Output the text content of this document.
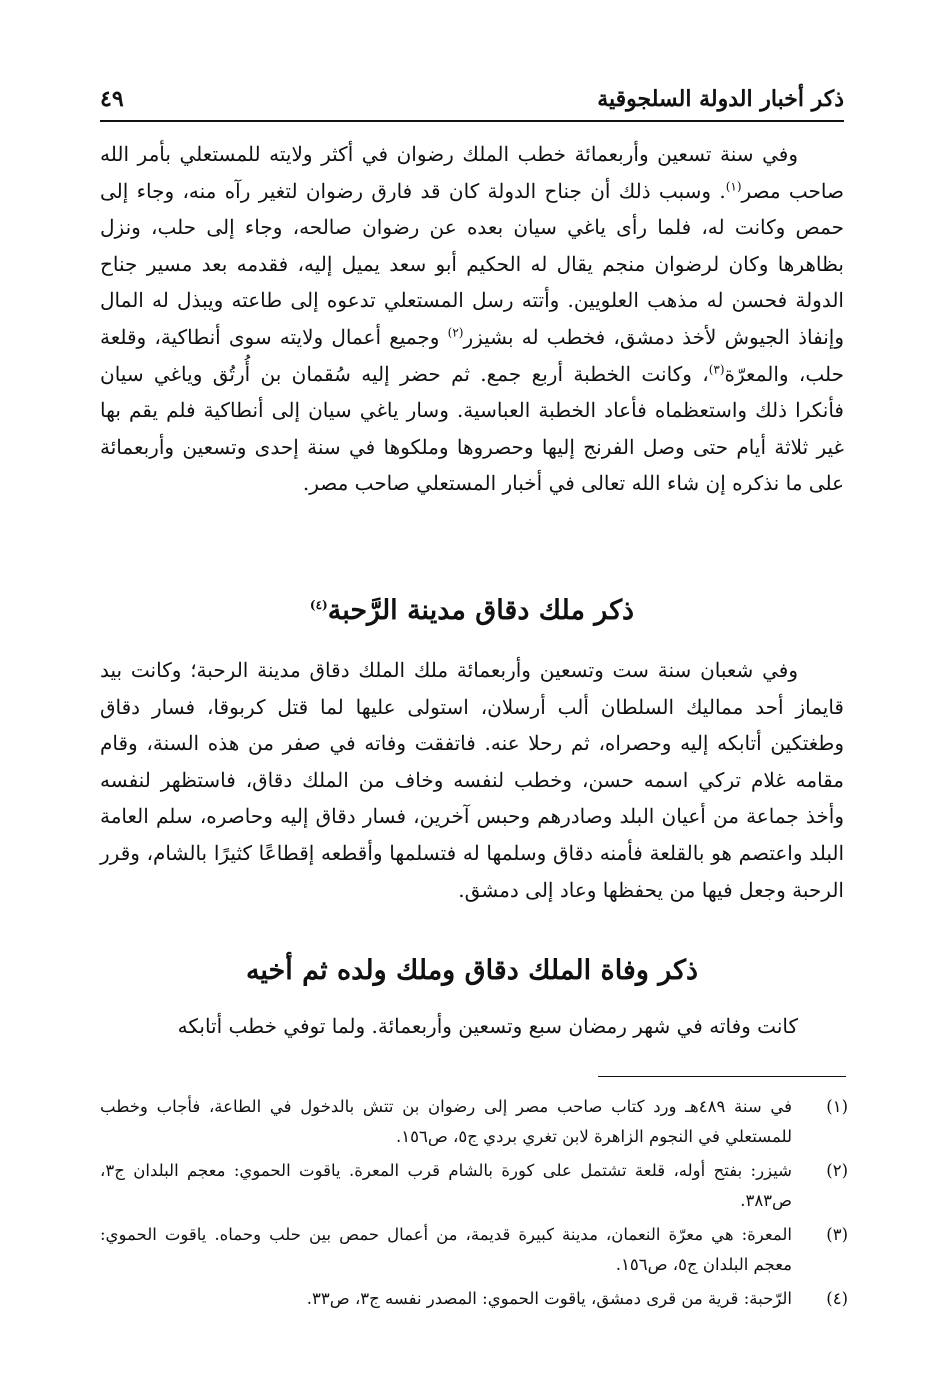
ذكر أخبار الدولة السلجوقية
٤٩

وفي سنة تسعين وأربعمائة خطب الملك رضوان في أكثر ولايته للمستعلي بأمر الله صاحب مصر$^{(١)}$. وسبب ذلك أن جناح الدولة كان قد فارق رضوان لتغير رآه منه، وجاء إلى حمص وكانت له، فلما رأى ياغي سيان بعده عن رضوان صالحه، وجاء إلى حلب، ونزل بظاهرها وكان لرضوان منجم يقال له الحكيم أبو سعد يميل إليه، فقدمه بعد مسير جناح الدولة فحسن له مذهب العلويين. وأتته رسل المستعلي تدعوه إلى طاعته ويبذل له المال وإنفاذ الجيوش لأخذ دمشق، فخطب له بشيزر$^{(٢)}$ وجميع أعمال ولايته سوى أنطاكية، وقلعة حلب، والمعرّة$^{(٣)}$، وكانت الخطبة أربع جمع. ثم حضر إليه سُقمان بن أُرتُق وياغي سيان فأنكرا ذلك واستعظماه فأعاد الخطبة العباسية. وسار ياغي سيان إلى أنطاكية فلم يقم بها غير ثلاثة أيام حتى وصل الفرنج إليها وحصروها وملكوها في سنة إحدى وتسعين وأربعمائة على ما نذكره إن شاء الله تعالى في أخبار المستعلي صاحب مصر.

ذكر ملك دقاق مدينة الرَّحبة$^{(٤)}$

وفي شعبان سنة ست وتسعين وأربعمائة ملك الملك دقاق مدينة الرحبة؛ وكانت بيد قايماز أحد مماليك السلطان ألب أرسلان، استولى عليها لما قتل كربوقا، فسار دقاق وطغتكين أتابكه إليه وحصراه، ثم رحلا عنه. فاتفقت وفاته في صفر من هذه السنة، وقام مقامه غلام تركي اسمه حسن، وخطب لنفسه وخاف من الملك دقاق، فاستظهر لنفسه وأخذ جماعة من أعيان البلد وصادرهم وحبس آخرين، فسار دقاق إليه وحاصره، سلم العامة البلد واعتصم هو بالقلعة فأمنه دقاق وسلمها له فتسلمها وأقطعه إقطاعًا كثيرًا بالشام، وقرر الرحبة وجعل فيها من يحفظها وعاد إلى دمشق.

ذكر وفاة الملك دقاق وملك ولده ثم أخيه

كانت وفاته في شهر رمضان سبع وتسعين وأربعمائة. ولما توفي خطب أتابكه

(١)
في سنة ٤٨٩هـ ورد كتاب صاحب مصر إلى رضوان بن تتش بالدخول في الطاعة، فأجاب وخطب للمستعلي في النجوم الزاهرة لابن تغري بردي ج٥، ص١٥٦.
(٢)
شيزر: بفتح أوله، قلعة تشتمل على كورة بالشام قرب المعرة. ياقوت الحموي: معجم البلدان ج٣، ص٣٨٣.
(٣)
المعرة: هي معرّة النعمان، مدينة كبيرة قديمة، من أعمال حمص بين حلب وحماه. ياقوت الحموي: معجم البلدان ج٥، ص١٥٦.
(٤)
الرّحبة: قرية من قرى دمشق، ياقوت الحموي: المصدر نفسه ج٣، ص٣٣.
